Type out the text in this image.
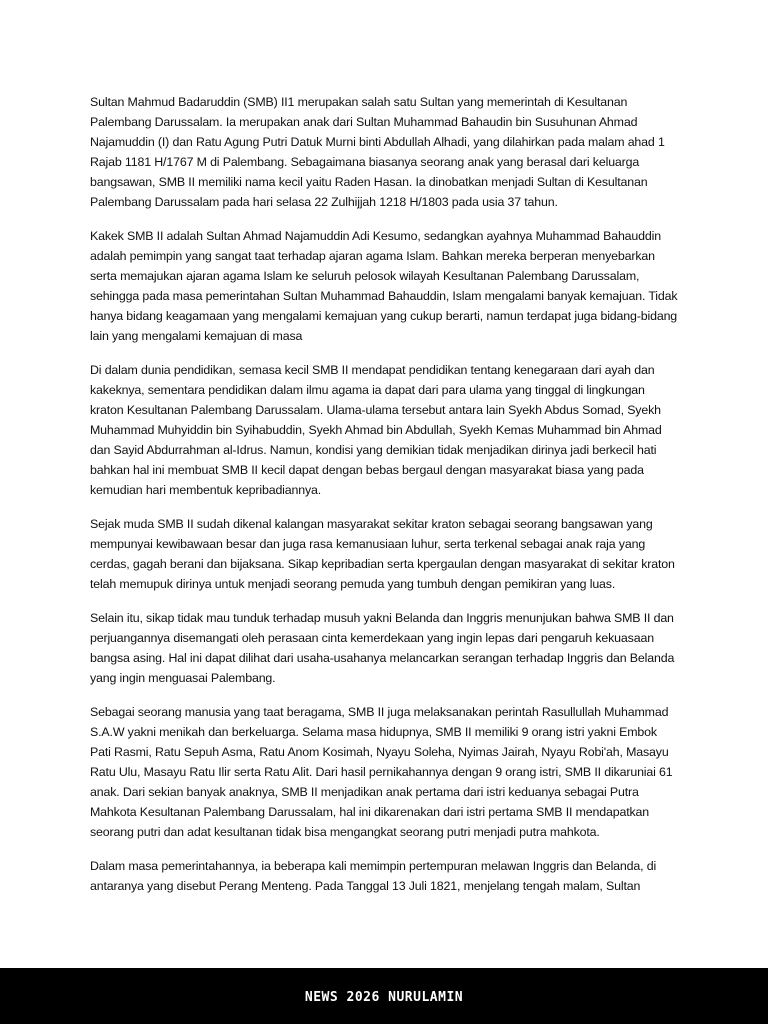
Sultan Mahmud Badaruddin (SMB) II1 merupakan salah satu Sultan yang memerintah di Kesultanan Palembang Darussalam. Ia merupakan anak dari Sultan Muhammad Bahaudin bin Susuhunan Ahmad Najamuddin (I) dan Ratu Agung Putri Datuk Murni binti Abdullah Alhadi, yang dilahirkan pada malam ahad 1 Rajab 1181 H/1767 M di Palembang. Sebagaimana biasanya seorang anak yang berasal dari keluarga bangsawan, SMB II memiliki nama kecil yaitu Raden Hasan. Ia dinobatkan menjadi Sultan di Kesultanan Palembang Darussalam pada hari selasa 22 Zulhijjah 1218 H/1803 pada usia 37 tahun.

Kakek SMB II adalah Sultan Ahmad Najamuddin Adi Kesumo, sedangkan ayahnya Muhammad Bahauddin adalah pemimpin yang sangat taat terhadap ajaran agama Islam. Bahkan mereka berperan menyebarkan serta memajukan ajaran agama Islam ke seluruh pelosok wilayah Kesultanan Palembang Darussalam, sehingga pada masa pemerintahan Sultan Muhammad Bahauddin, Islam mengalami banyak kemajuan. Tidak hanya bidang keagamaan yang mengalami kemajuan yang cukup berarti, namun terdapat juga bidang-bidang lain yang mengalami kemajuan di masa

Di dalam dunia pendidikan, semasa kecil SMB II mendapat pendidikan tentang kenegaraan dari ayah dan kakeknya, sementara pendidikan dalam ilmu agama ia dapat dari para ulama yang tinggal di lingkungan kraton Kesultanan Palembang Darussalam. Ulama-ulama tersebut antara lain Syekh Abdus Somad, Syekh Muhammad Muhyiddin bin Syihabuddin, Syekh Ahmad bin Abdullah, Syekh Kemas Muhammad bin Ahmad dan Sayid Abdurrahman al-Idrus. Namun, kondisi yang demikian tidak menjadikan dirinya jadi berkecil hati bahkan hal ini membuat SMB II kecil dapat dengan bebas bergaul dengan masyarakat biasa yang pada kemudian hari membentuk kepribadiannya.

Sejak muda SMB II sudah dikenal kalangan masyarakat sekitar kraton sebagai seorang bangsawan yang mempunyai kewibawaan besar dan juga rasa kemanusiaan luhur, serta terkenal sebagai anak raja yang cerdas, gagah berani dan bijaksana. Sikap kepribadian serta kpergaulan dengan masyarakat di sekitar kraton telah memupuk dirinya untuk menjadi seorang pemuda yang tumbuh dengan pemikiran yang luas.

Selain itu, sikap tidak mau tunduk terhadap musuh yakni Belanda dan Inggris menunjukan bahwa SMB II dan perjuangannya disemangati oleh perasaan cinta kemerdekaan yang ingin lepas dari pengaruh kekuasaan bangsa asing. Hal ini dapat dilihat dari usaha-usahanya melancarkan serangan terhadap Inggris dan Belanda yang ingin menguasai Palembang.

Sebagai seorang manusia yang taat beragama, SMB II juga melaksanakan perintah Rasullullah Muhammad S.A.W yakni menikah dan berkeluarga. Selama masa hidupnya, SMB II memiliki 9 orang istri yakni Embok Pati Rasmi, Ratu Sepuh Asma, Ratu Anom Kosimah, Nyayu Soleha, Nyimas Jairah, Nyayu Robi'ah, Masayu Ratu Ulu, Masayu Ratu Ilir serta Ratu Alit. Dari hasil pernikahannya dengan 9 orang istri, SMB II dikaruniai 61 anak. Dari sekian banyak anaknya, SMB II menjadikan anak pertama dari istri keduanya sebagai Putra Mahkota Kesultanan Palembang Darussalam, hal ini dikarenakan dari istri pertama SMB II mendapatkan seorang putri dan adat kesultanan tidak bisa mengangkat seorang putri menjadi putra mahkota.

Dalam masa pemerintahannya, ia beberapa kali memimpin pertempuran melawan Inggris dan Belanda, di antaranya yang disebut Perang Menteng. Pada Tanggal 13 Juli 1821, menjelang tengah malam, Sultan

NEWS 2026 NURULAMIN
